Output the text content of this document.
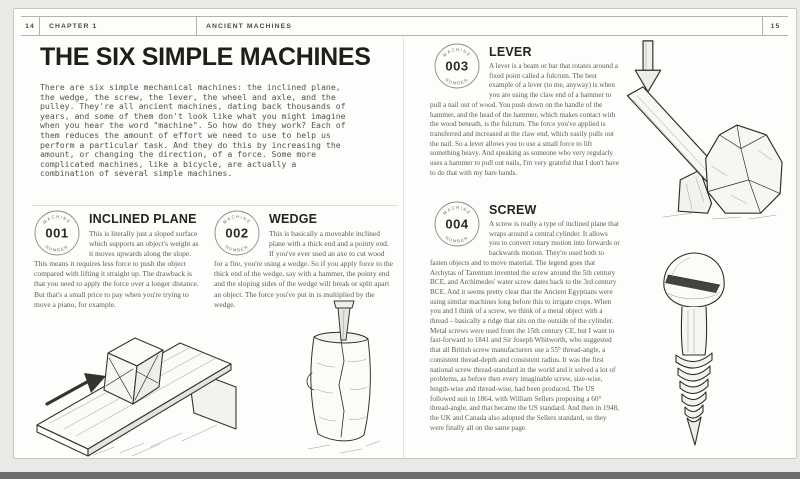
14	CHAPTER 1	ANCIENT MACHINES	15
THE SIX SIMPLE MACHINES

There are six simple mechanical machines: the inclined plane, the wedge, the screw, the lever, the wheel and axle, and the pulley. They're all ancient machines, dating back thousands of years, and some of them don't look like what you might imagine when you hear the word "machine". So how do they work? Each of them reduces the amount of effort we need to use to help us perform a particular task. And they do this by increasing the amount, or changing the direction, of a force. Some more complicated machines, like a bicycle, are actually a combination of several simple machines.

MACHINE
001
NUMBER
INCLINED PLANE

This is literally just a sloped surface which supports an object's weight as it moves upwards along the slope. This means it requires less force to push the object compared with lifting it straight up. The drawback is that you need to apply the force over a longer distance. But that's a small price to pay when you're trying to move a piano, for example.

MACHINE
002
NUMBER
WEDGE

This is basically a moveable inclined plane with a thick end and a pointy end. If you've ever used an axe to cut wood for a fire, you're using a wedge. So if you apply force to the thick end of the wedge, say with a hammer, the pointy end and the sloping sides of the wedge will break or split apart an object. The force you've put in is multiplied by the wedge.

MACHINE
003
NUMBER
LEVER

A lever is a beam or bar that rotates around a fixed point called a fulcrum. The best example of a lever (to me, anyway) is when you are using the claw end of a hammer to pull a nail out of wood. You push down on the handle of the hammer, and the head of the hammer, which makes contact with the wood beneath, is the fulcrum. The force you've applied is transferred and increased at the claw end, which easily pulls out the nail. So a lever allows you to use a small force to lift something heavy. And speaking as someone who very regularly uses a hammer to pull out nails, I'm very grateful that I don't have to do that with my bare hands.

MACHINE
004
NUMBER
SCREW

A screw is really a type of inclined plane that wraps around a central cylinder. It allows you to convert rotary motion into forwards or backwards motion. They're used both to fasten objects and to move material. The legend goes that Archytas of Tarentum invented the screw around the 5th century BCE, and Archimedes' water screw dates back to the 3rd century BCE. And it seems pretty clear that the Ancient Egyptians were using similar machines long before this to irrigate crops. When you and I think of a screw, we think of a metal object with a thread – basically a ridge that sits on the outside of the cylinder. Metal screws were used from the 15th century CE, but I want to fast-forward to 1841 and Sir Joseph Whitworth, who suggested that all British screw manufacturers use a 55° thread-angle, a consistent thread-depth and consistent radius. It was the first national screw thread-standard in the world and it solved a lot of problems, as before then every imaginable screw, size-wise, length-wise and thread-wise, had been produced. The US followed suit in 1864, with William Sellers proposing a 60° thread-angle, and that became the US standard. And then in 1948, the UK and Canada also adopted the Sellers standard, so they were finally all on the same page.
